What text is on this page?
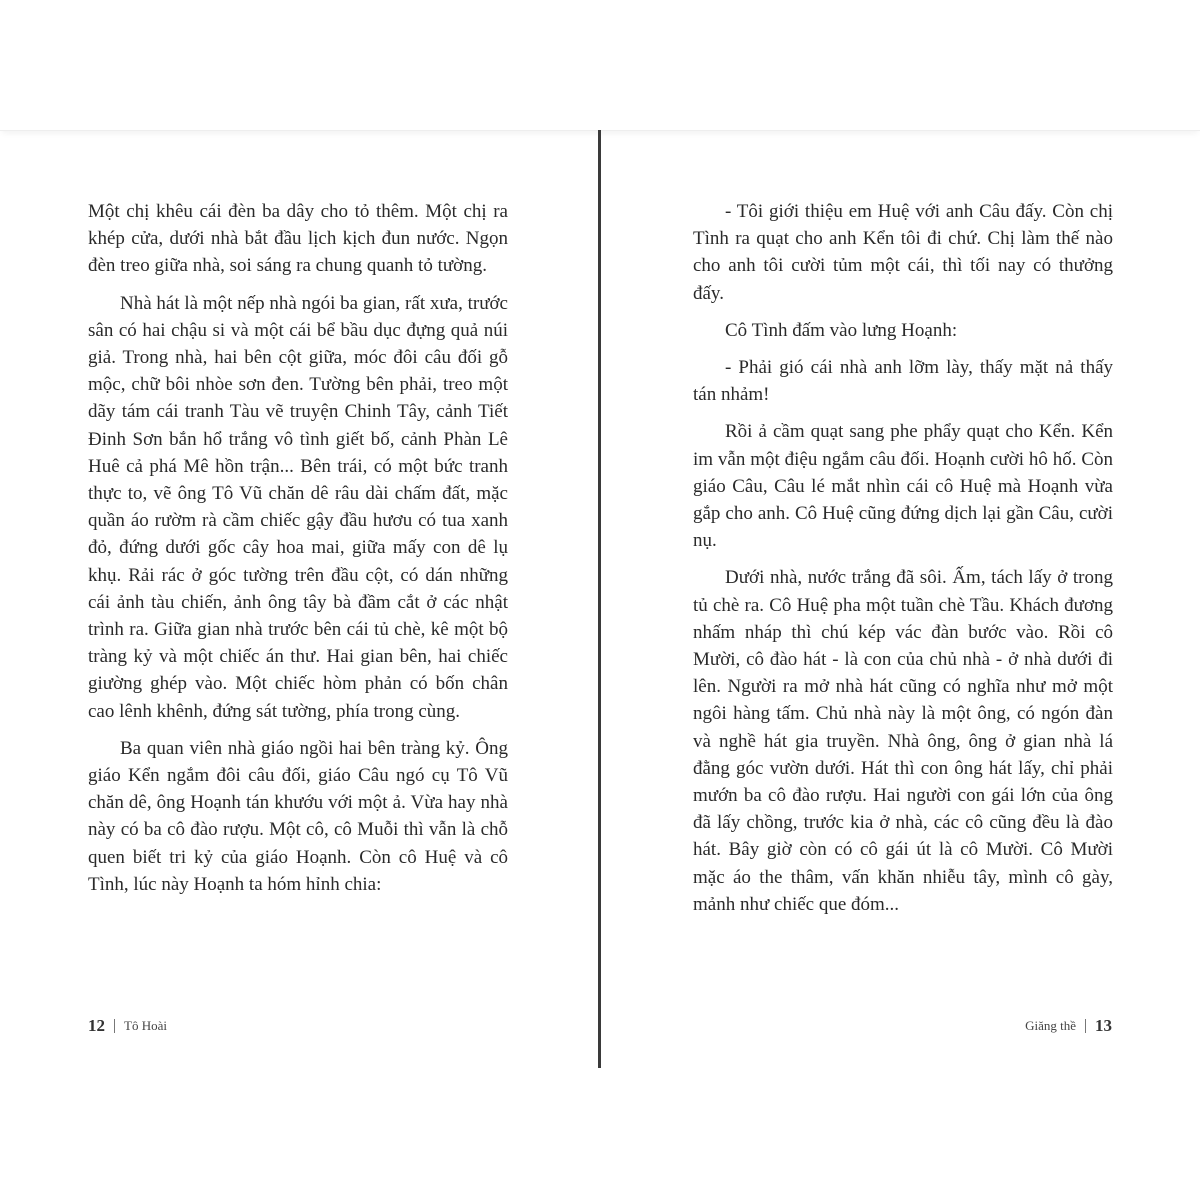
Một chị khêu cái đèn ba dây cho tỏ thêm. Một chị ra khép cửa, dưới nhà bắt đầu lịch kịch đun nước. Ngọn đèn treo giữa nhà, soi sáng ra chung quanh tỏ tường.

Nhà hát là một nếp nhà ngói ba gian, rất xưa, trước sân có hai chậu si và một cái bể bầu dục đựng quả núi giả. Trong nhà, hai bên cột giữa, móc đôi câu đối gỗ mộc, chữ bôi nhòe sơn đen. Tường bên phải, treo một dãy tám cái tranh Tàu vẽ truyện Chinh Tây, cảnh Tiết Đinh Sơn bắn hổ trắng vô tình giết bố, cảnh Phàn Lê Huê cả phá Mê hồn trận... Bên trái, có một bức tranh thực to, vẽ ông Tô Vũ chăn dê râu dài chấm đất, mặc quần áo rườm rà cầm chiếc gậy đầu hươu có tua xanh đỏ, đứng dưới gốc cây hoa mai, giữa mấy con dê lụ khụ. Rải rác ở góc tường trên đầu cột, có dán những cái ảnh tàu chiến, ảnh ông tây bà đầm cắt ở các nhật trình ra. Giữa gian nhà trước bên cái tủ chè, kê một bộ tràng kỷ và một chiếc án thư. Hai gian bên, hai chiếc giường ghép vào. Một chiếc hòm phản có bốn chân cao lênh khênh, đứng sát tường, phía trong cùng.

Ba quan viên nhà giáo ngồi hai bên tràng kỷ. Ông giáo Kển ngắm đôi câu đối, giáo Câu ngó cụ Tô Vũ chăn dê, ông Hoạnh tán khướu với một ả. Vừa hay nhà này có ba cô đào rượu. Một cô, cô Muỗi thì vẫn là chỗ quen biết tri kỷ của giáo Hoạnh. Còn cô Huệ và cô Tình, lúc này Hoạnh ta hóm hỉnh chia:

- Tôi giới thiệu em Huệ với anh Câu đấy. Còn chị Tình ra quạt cho anh Kển tôi đi chứ. Chị làm thế nào cho anh tôi cười tủm một cái, thì tối nay có thưởng đấy.

Cô Tình đấm vào lưng Hoạnh:

- Phải gió cái nhà anh lỡm lày, thấy mặt nả thấy tán nhảm!

Rồi ả cầm quạt sang phe phẩy quạt cho Kển. Kển im vẫn một điệu ngắm câu đối. Hoạnh cười hô hố. Còn giáo Câu, Câu lé mắt nhìn cái cô Huệ mà Hoạnh vừa gắp cho anh. Cô Huệ cũng đứng dịch lại gần Câu, cười nụ.

Dưới nhà, nước trắng đã sôi. Ấm, tách lấy ở trong tủ chè ra. Cô Huệ pha một tuần chè Tầu. Khách đương nhấm nháp thì chú kép vác đàn bước vào. Rồi cô Mười, cô đào hát - là con của chủ nhà - ở nhà dưới đi lên. Người ra mở nhà hát cũng có nghĩa như mở một ngôi hàng tấm. Chủ nhà này là một ông, có ngón đàn và nghề hát gia truyền. Nhà ông, ông ở gian nhà lá đằng góc vườn dưới. Hát thì con ông hát lấy, chỉ phải mướn ba cô đào rượu. Hai người con gái lớn của ông đã lấy chồng, trước kia ở nhà, các cô cũng đều là đào hát. Bây giờ còn có cô gái út là cô Mười. Cô Mười mặc áo the thâm, vấn khăn nhiễu tây, mình cô gày, mảnh như chiếc que đóm...

12 Tô Hoài	Giăng thề 13
